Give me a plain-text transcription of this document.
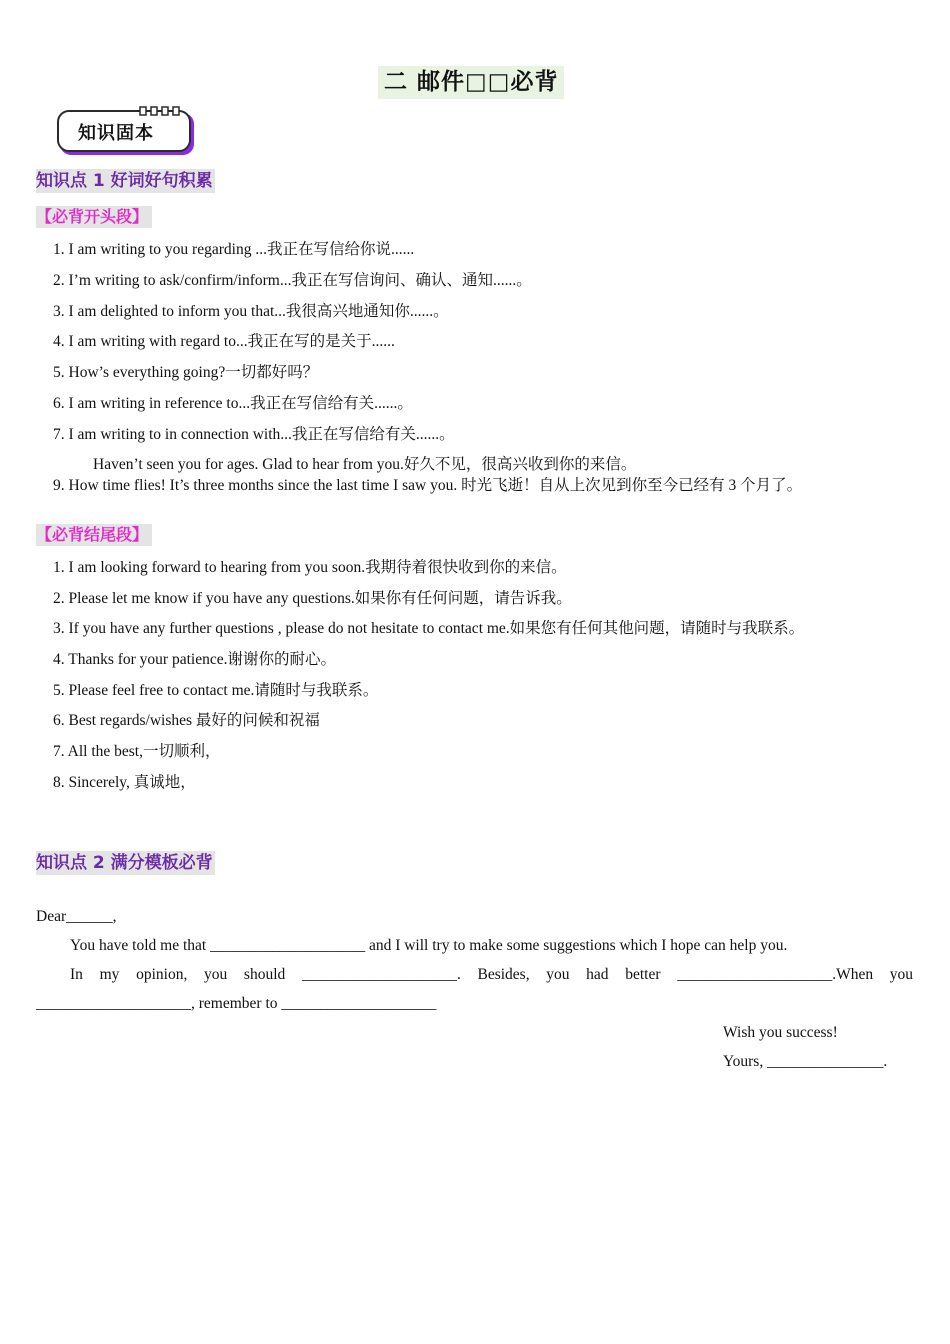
二 邮件□□必背
知识固本
知识点 1 好词好句积累
【必背开头段】
1. I am writing to you regarding ...我正在写信给你说......
2. I’m writing to ask/confirm/inform...我正在写信询问、确认、通知......。
3. I am delighted to inform you that...我很高兴地通知你......。
4. I am writing with regard to...我正在写的是关于......
5. How’s everything going?一切都好吗？
6. I am writing in reference to...我正在写信给有关......。
7. I am writing to in connection with...我正在写信给有关......。
Haven’t seen you for ages. Glad to hear from you.好久不见，很高兴收到你的来信。
9. How time flies! It’s three months since the last time I saw you. 时光飞逝！自从上次见到你至今已经有 3 个月了。
【必背结尾段】
1. I am looking forward to hearing from you soon.我期待着很快收到你的来信。
2. Please let me know if you have any questions.如果你有任何问题，请告诉我。
3. If you have any further questions , please do not hesitate to contact me.如果您有任何其他问题，请随时与我联系。
4. Thanks for your patience.谢谢你的耐心。
5. Please feel free to contact me.请随时与我联系。
6. Best regards/wishes 最好的问候和祝福
7. All the best,一切顺利，
8. Sincerely, 真诚地，
知识点 2 满分模板必背
Dear______,
You have told me that ____________________ and I will try to make some suggestions which I hope can help you.
In my opinion, you should ____________________. Besides, you had better ____________________.When you
____________________, remember to ____________________
Wish you success!
Yours, _______________.
